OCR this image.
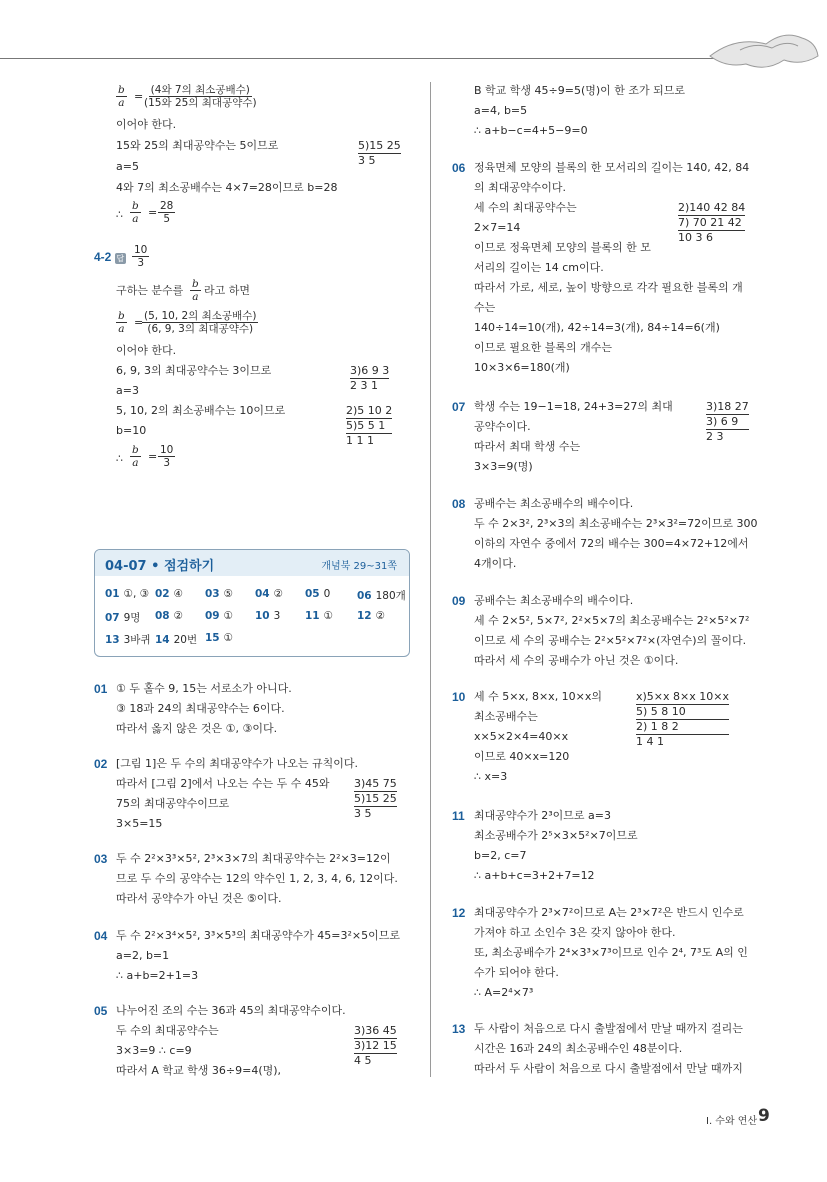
$\frac{b}{a} = (4$와 7의 최소공배수)
(15와 25의 최대공약수)
이어야 한다.
15와 25의 최대공약수는 5이므로
a=5
4와 7의 최소공배수는 4×7=28이므로 b=28
∴ $\frac{b}{a} = \frac{28}{5}$
5)15 25
3 5
4-2 답 $\frac{10}{3}$
구하는 분수를 $\frac{b}{a}$ 라고 하면
$\frac{b}{a} = (5$, 10, 2의 최소공배수)
(6, 9, 3의 최대공약수)
이어야 한다.
6, 9, 3의 최대공약수는 3이므로
a=3
5, 10, 2의 최소공배수는 10이므로
b=10
∴ $\frac{b}{a} = \frac{10}{3}$
3)6 9 3
2 3 1
2)5 10 2
5)5 5 1
1 1 1
04-07 • 점검하기	개념북 29~31쪽
01 ①, ③ 02 ④ 03 ⑤ 04 ② 05 0	06 180개
07 9명 08 ② 09 ① 10 3 11 ① 12 ②
13 3바퀴 14 20번 15 ①
01 ① 두 홀수 9, 15는 서로소가 아니다.
③ 18과 24의 최대공약수는 6이다.
따라서 옳지 않은 것은 ①, ③이다.
02 [그림 1]은 두 수의 최대공약수가 나오는 규칙이다.
따라서 [그림 2]에서 나오는 수는 두 수 45와
75의 최대공약수이므로
3×5=15
3)45 75
5)15 25
3 5
03 두 수 2²×3³×5², 2³×3×7의 최대공약수는 2²×3=12이
므로 두 수의 공약수는 12의 약수인 1, 2, 3, 4, 6, 12이다.
따라서 공약수가 아닌 것은 ⑤이다.
04 두 수 2²×3⁴×5², 3³×5³의 최대공약수가 45=3²×5이므로
a=2, b=1
∴ a+b=2+1=3
05 나누어진 조의 수는 36과 45의 최대공약수이다.
두 수의 최대공약수는
3×3=9 ∴ c=9
따라서 A 학교 학생 36÷9=4(명),
3)36 45
3)12 15
4 5
B 학교 학생 45÷9=5(명)이 한 조가 되므로
a=4, b=5
∴ a+b−c=4+5−9=0
06 정육면체 모양의 블록의 한 모서리의 길이는 140, 42, 84
의 최대공약수이다.
세 수의 최대공약수는
2×7=14
이므로 정육면체 모양의 블록의 한 모
서리의 길이는 14 cm이다.
따라서 가로, 세로, 높이 방향으로 각각 필요한 블록의 개
수는
140÷14=10(개), 42÷14=3(개), 84÷14=6(개)
이므로 필요한 블록의 개수는
10×3×6=180(개)
2)140 42 84
7) 70 21 42
10 3 6
07 학생 수는 19−1=18, 24+3=27의 최대
공약수이다.
따라서 최대 학생 수는
3×3=9(명)
3)18 27
3) 6 9
2 3
08 공배수는 최소공배수의 배수이다.
두 수 2×3², 2³×3의 최소공배수는 2³×3²=72이므로 300
이하의 자연수 중에서 72의 배수는 300=4×72+12에서
4개이다.
09 공배수는 최소공배수의 배수이다.
세 수 2×5², 5×7², 2²×5×7의 최소공배수는 2²×5²×7²
이므로 세 수의 공배수는 2²×5²×7²×(자연수)의 꼴이다.
따라서 세 수의 공배수가 아닌 것은 ①이다.
10 세 수 5×x, 8×x, 10×x의
최소공배수는
x×5×2×4=40×x
이므로 40×x=120
∴ x=3
x)5×x 8×x 10×x
5) 5 8 10
2) 1 8 2
1 4 1
11 최대공약수가 2³이므로 a=3
최소공배수가 2⁵×3×5²×7이므로
b=2, c=7
∴ a+b+c=3+2+7=12
12 최대공약수가 2³×7²이므로 A는 2³×7²은 반드시 인수로
가져야 하고 소인수 3은 갖지 않아야 한다.
또, 최소공배수가 2⁴×3³×7³이므로 인수 2⁴, 7³도 A의 인
수가 되어야 한다.
∴ A=2⁴×7³
13 두 사람이 처음으로 다시 출발점에서 만날 때까지 걸리는
시간은 16과 24의 최소공배수인 48분이다.
따라서 두 사람이 처음으로 다시 출발점에서 만날 때까지
I. 수와 연산 9
